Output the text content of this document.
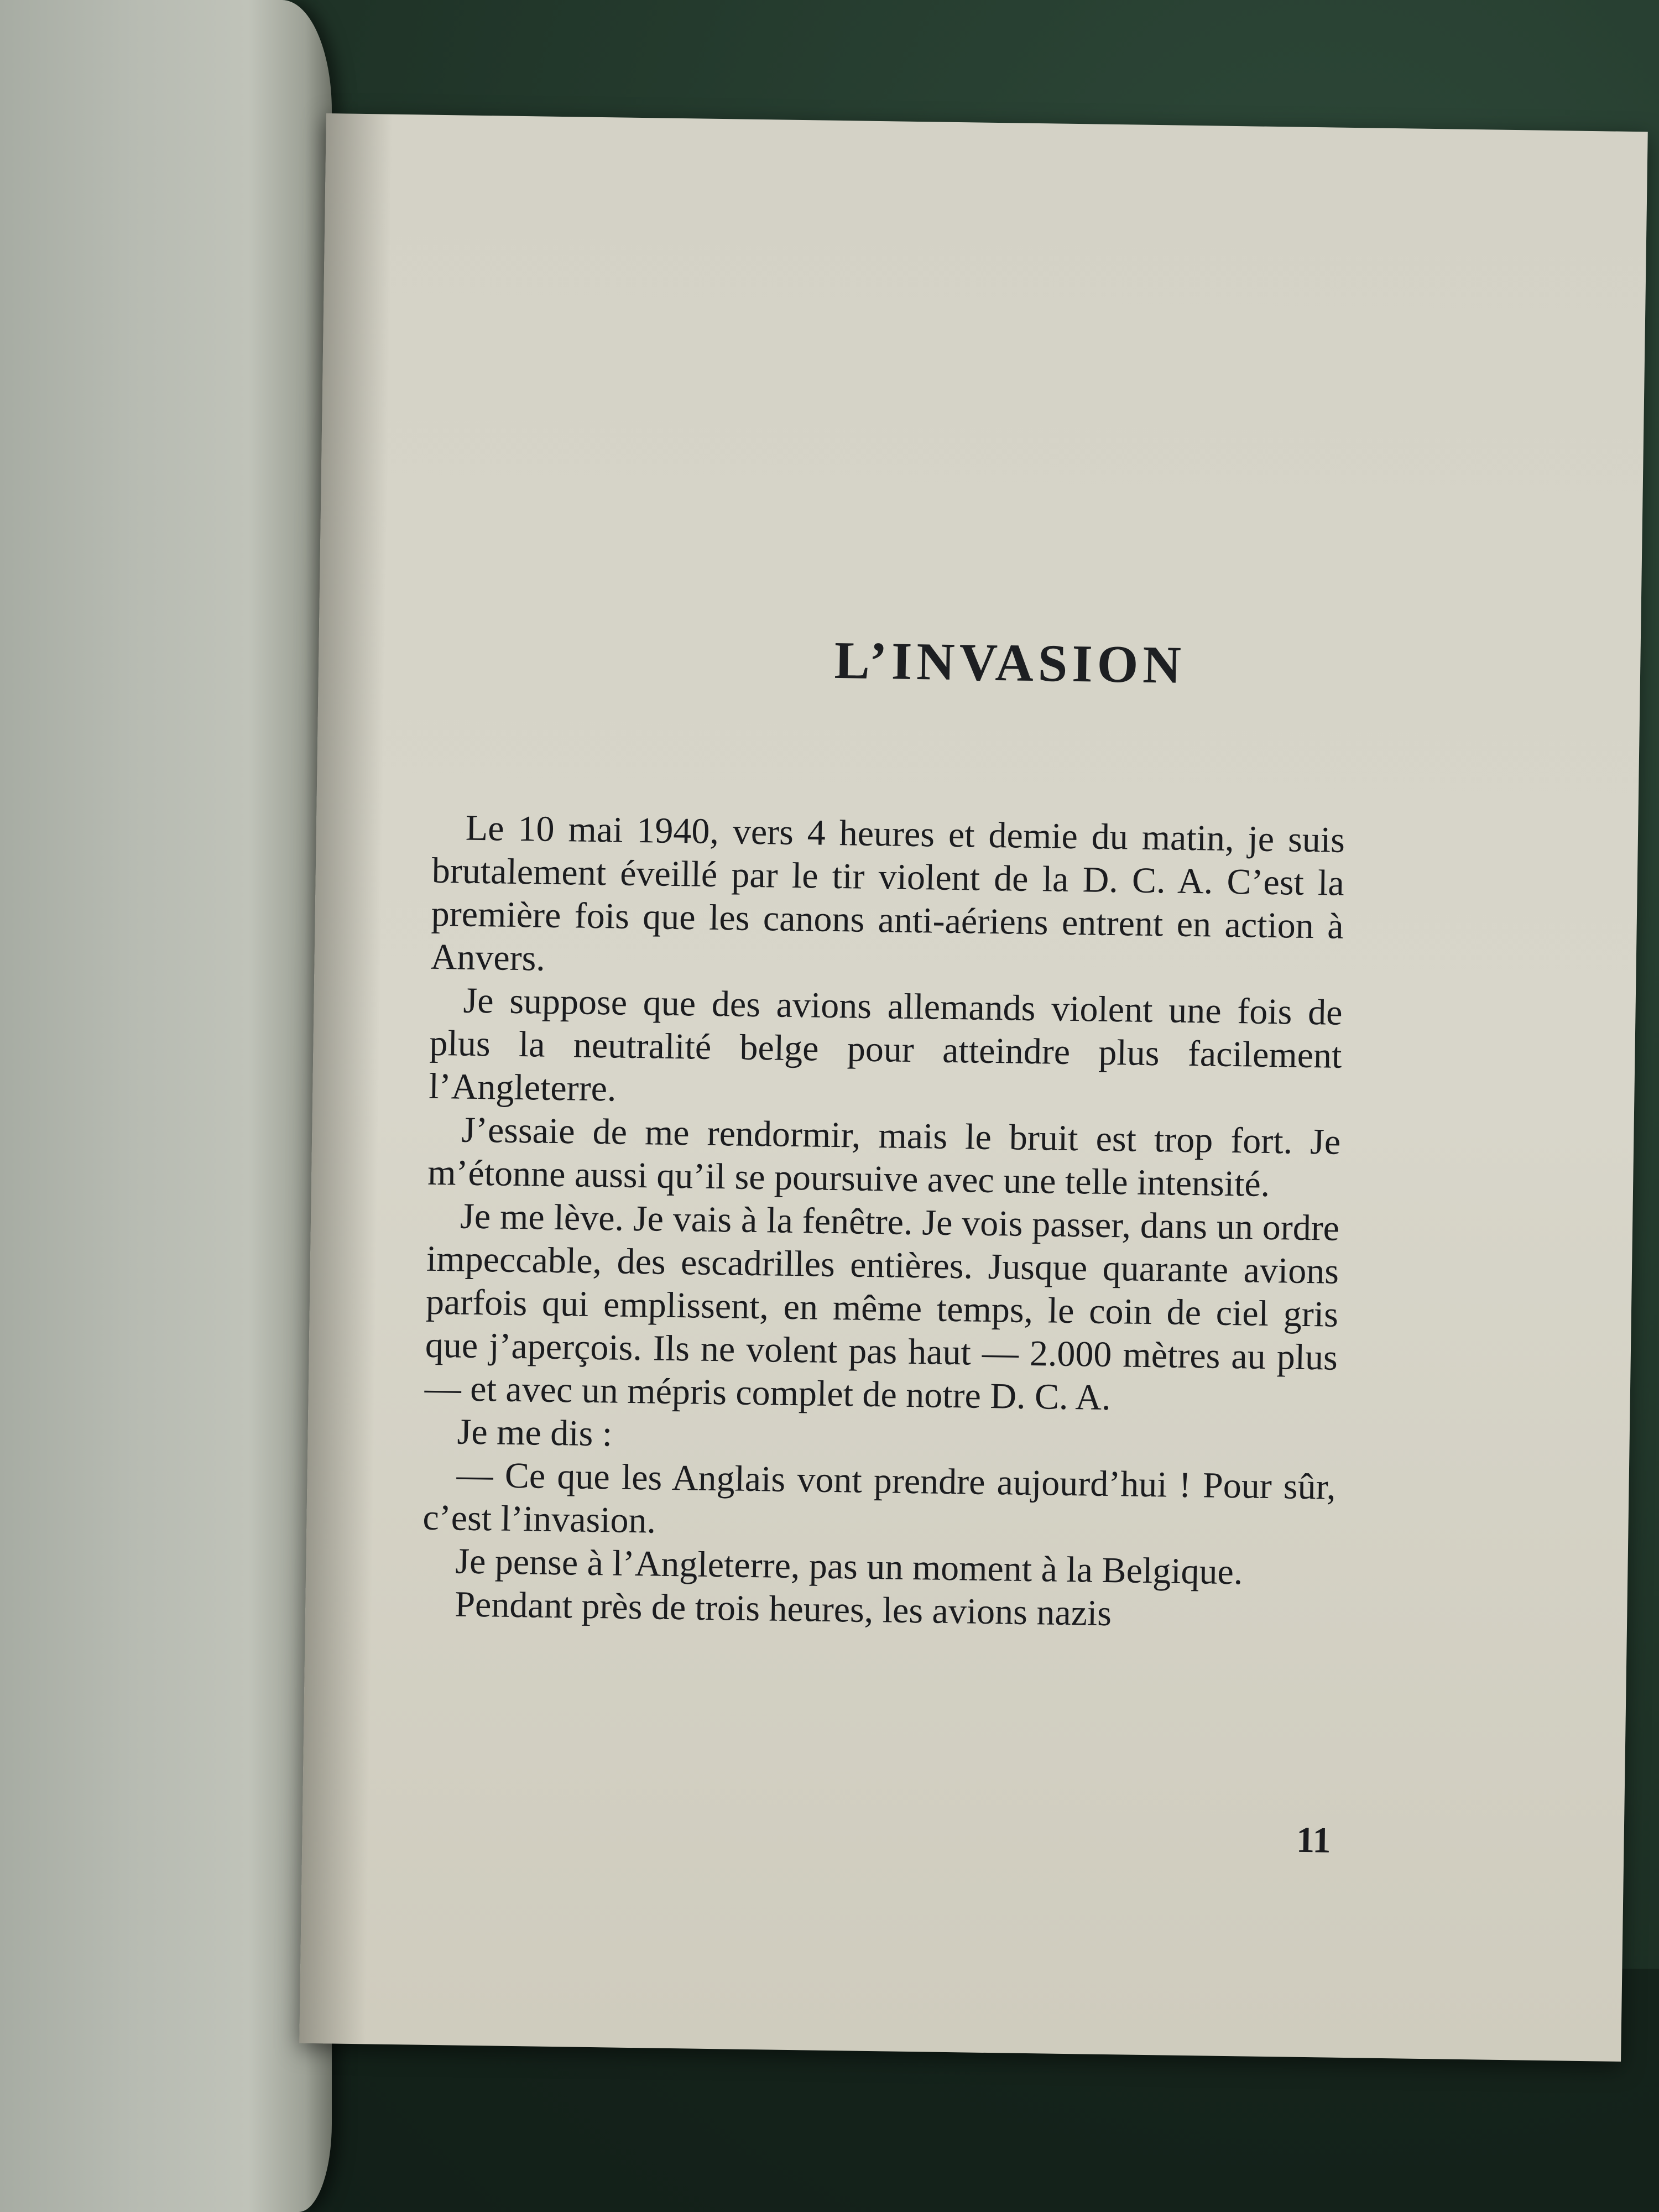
L’INVASION

Le 10 mai 1940, vers 4 heures et demie du matin, je suis brutalement éveillé par le tir violent de la D. C. A. C’est la première fois que les canons anti-aériens entrent en action à Anvers.

Je suppose que des avions allemands violent une fois de plus la neutralité belge pour atteindre plus facilement l’Angleterre.

J’essaie de me rendormir, mais le bruit est trop fort. Je m’étonne aussi qu’il se poursuive avec une telle intensité.

Je me lève. Je vais à la fenêtre. Je vois passer, dans un ordre impeccable, des escadrilles entières. Jusque quarante avions parfois qui emplissent, en même temps, le coin de ciel gris que j’aperçois. Ils ne volent pas haut — 2.000 mètres au plus — et avec un mépris complet de notre D. C. A.

Je me dis :

— Ce que les Anglais vont prendre aujourd’hui ! Pour sûr, c’est l’invasion.

Je pense à l’Angleterre, pas un moment à la Belgique.

Pendant près de trois heures, les avions nazis

11
